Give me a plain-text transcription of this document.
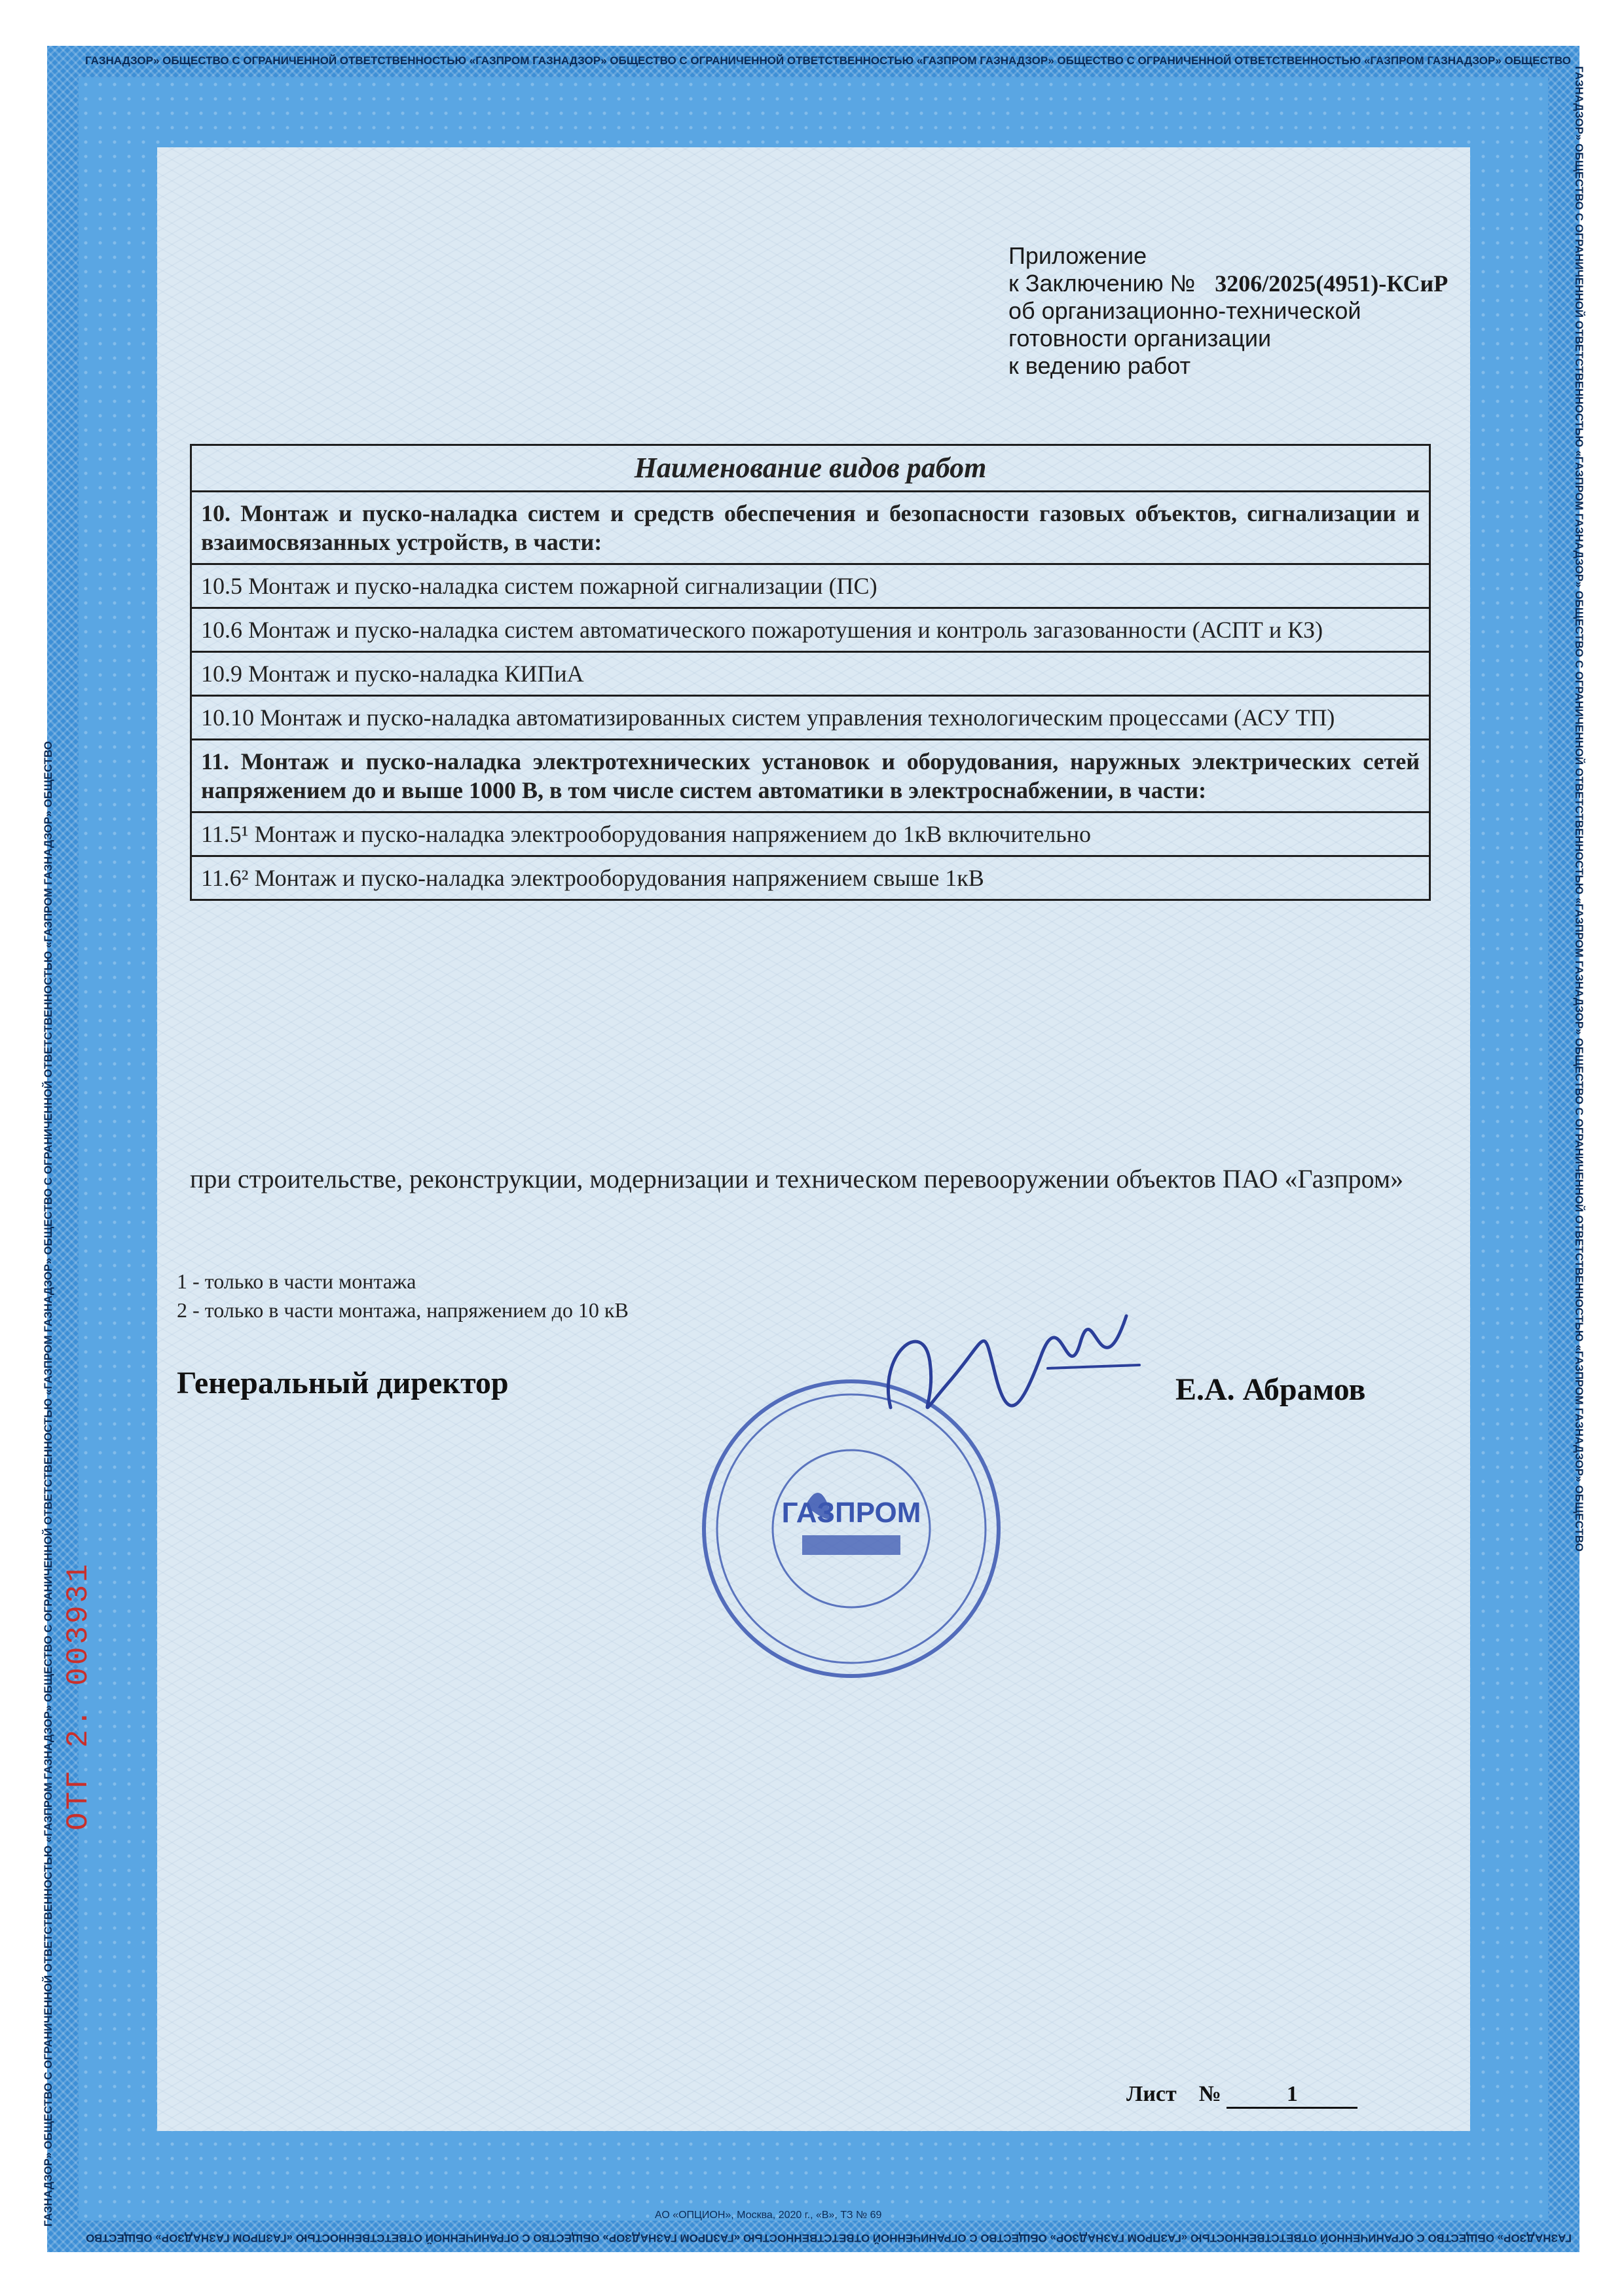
ГАЗНАДЗОР» ОБЩЕСТВО С ОГРАНИЧЕННОЙ ОТВЕТСТВЕННОСТЬЮ «ГАЗПРОМ ГАЗНАДЗОР» ОБЩЕСТВО С ОГРАНИЧЕННОЙ ОТВЕТСТВЕННОСТЬЮ «ГАЗПРОМ ГАЗНАДЗОР» ОБЩЕСТВО С ОГРАНИЧЕННОЙ ОТВЕТСТВЕННОСТЬЮ «ГАЗПРОМ ГАЗНАДЗОР» ОБЩЕСТВО
ГАЗНАДЗОР» ОБЩЕСТВО С ОГРАНИЧЕННОЙ ОТВЕТСТВЕННОСТЬЮ «ГАЗПРОМ ГАЗНАДЗОР» ОБЩЕСТВО С ОГРАНИЧЕННОЙ ОТВЕТСТВЕННОСТЬЮ «ГАЗПРОМ ГАЗНАДЗОР» ОБЩЕСТВО С ОГРАНИЧЕННОЙ ОТВЕТСТВЕННОСТЬЮ «ГАЗПРОМ ГАЗНАДЗОР» ОБЩЕСТВО
ГАЗНАДЗОР» ОБЩЕСТВО С ОГРАНИЧЕННОЙ ОТВЕТСТВЕННОСТЬЮ «ГАЗПРОМ ГАЗНАДЗОР» ОБЩЕСТВО С ОГРАНИЧЕННОЙ ОТВЕТСТВЕННОСТЬЮ «ГАЗПРОМ ГАЗНАДЗОР» ОБЩЕСТВО С ОГРАНИЧЕННОЙ ОТВЕТСТВЕННОСТЬЮ «ГАЗПРОМ ГАЗНАДЗОР» ОБЩЕСТВО	ГАЗНАДЗОР» ОБЩЕСТВО С ОГРАНИЧЕННОЙ ОТВЕТСТВЕННОСТЬЮ «ГАЗПРОМ ГАЗНАДЗОР» ОБЩЕСТВО С ОГРАНИЧЕННОЙ ОТВЕТСТВЕННОСТЬЮ «ГАЗПРОМ ГАЗНАДЗОР» ОБЩЕСТВО С ОГРАНИЧЕННОЙ ОТВЕТСТВЕННОСТЬЮ «ГАЗПРОМ ГАЗНАДЗОР» ОБЩЕСТВО
Приложение
к Заключению № 3206/2025(4951)-КСиР
об организационно-технической
готовности организации
к ведению работ
Наименование видов работ
10. Монтаж и пуско-наладка систем и средств обеспечения и безопасности газовых объектов, сигнализации и взаимосвязанных устройств, в части:
10.5 Монтаж и пуско-наладка систем пожарной сигнализации (ПС)
10.6 Монтаж и пуско-наладка систем автоматического пожаротушения и контроль загазованности (АСПТ и КЗ)
10.9 Монтаж и пуско-наладка КИПиА
10.10 Монтаж и пуско-наладка автоматизированных систем управления технологическим процессами (АСУ ТП)
11. Монтаж и пуско-наладка электротехнических установок и оборудования, наружных электрических сетей напряжением до и выше 1000 В, в том числе систем автоматики в электроснабжении, в части:
11.5¹ Монтаж и пуско-наладка электрооборудования напряжением до 1кВ включительно
11.6² Монтаж и пуско-наладка электрооборудования напряжением свыше 1кВ
при строительстве, реконструкции, модернизации и техническом перевооружении объектов ПАО «Газпром»
1 - только в части монтажа
2 - только в части монтажа, напряжением до 10 кВ
Генеральный директор	Е.А. Абрамов
ГАЗПРОМ
Лист №	1
ОТГ 2. 003931
АО «ОПЦИОН», Москва, 2020 г., «В», ТЗ № 69
